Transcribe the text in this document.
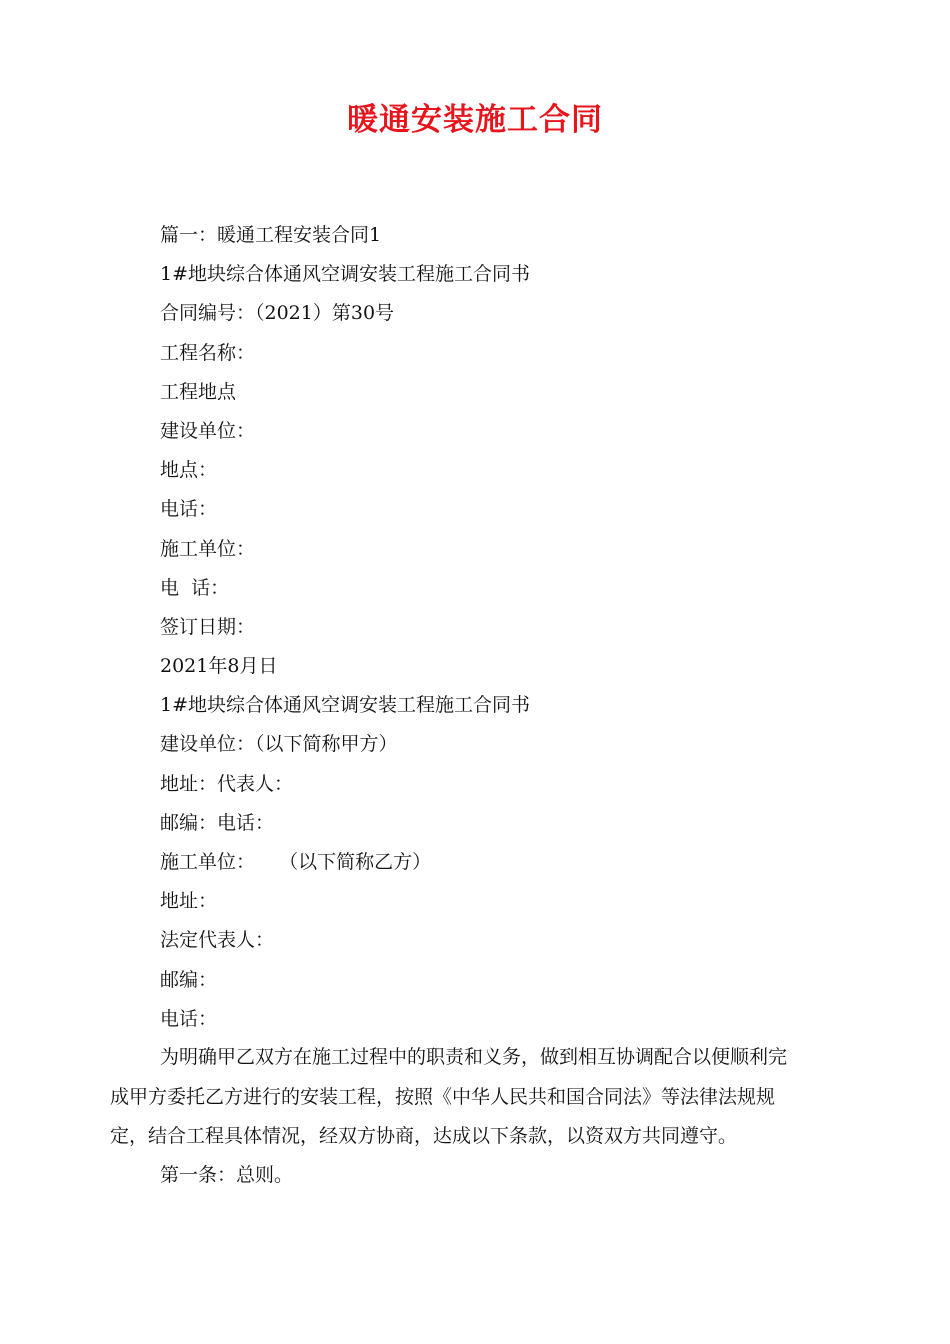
暖通安装施工合同
篇一：暖通工程安装合同1
1#地块综合体通风空调安装工程施工合同书
合同编号：（2021）第30号
工程名称：
工程地点
建设单位：
地点：
电话：
施工单位：
电  话：
签订日期：
2021年8月日
1#地块综合体通风空调安装工程施工合同书
建设单位：（以下简称甲方）
地址：代表人：
邮编：电话：
施工单位：    （以下简称乙方）
地址：
法定代表人：
邮编：
电话：
为明确甲乙双方在施工过程中的职责和义务，做到相互协调配合以便顺利完
成甲方委托乙方进行的安装工程，按照《中华人民共和国合同法》等法律法规规
定，结合工程具体情况，经双方协商，达成以下条款，以资双方共同遵守。
第一条：总则。
